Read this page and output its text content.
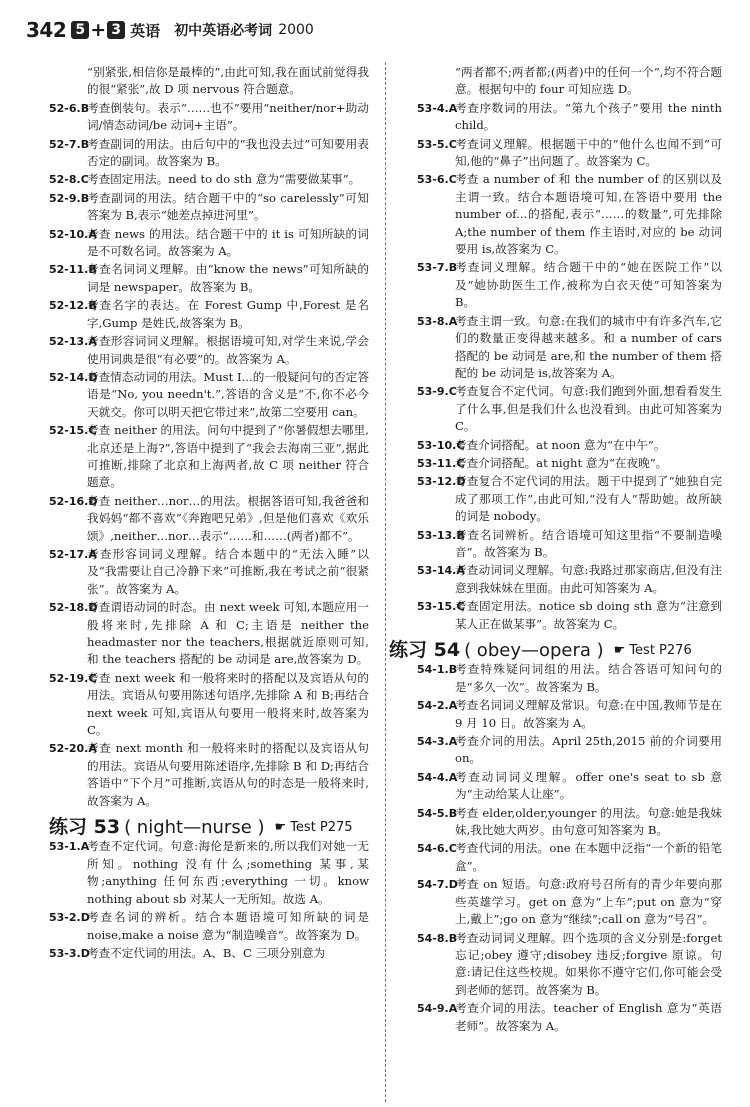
342 5 + 3 英语 初中英语必考词 2000
“别紧张,相信你是最棒的”,由此可知,我在面试前觉得我的很“紧张”,故 D 项 nervous 符合题意。
52-6.B
考查倒装句。表示“……也不”要用“neither/nor+助动词/情态动词/be 动词+主语”。
52-7.B
考查副词的用法。由后句中的“我也没去过”可知要用表否定的副词。故答案为 B。
52-8.C
考查固定用法。need to do sth 意为“需要做某事”。
52-9.B
考查副词的用法。结合题干中的“so carelessly”可知答案为 B,表示“她差点掉进河里”。
52-10.A
考查 news 的用法。结合题干中的 it is 可知所缺的词是不可数名词。故答案为 A。
52-11.B
考查名词词义理解。由“know the news”可知所缺的词是 newspaper。故答案为 B。
52-12.B
考查名字的表达。在 Forest Gump 中,Forest 是名字,Gump 是姓氏,故答案为 B。
52-13.A
考查形容词词义理解。根据语境可知,对学生来说,学会使用词典是很“有必要”的。故答案为 A。
52-14.D
考查情态动词的用法。Must I...的一般疑问句的否定答语是“No, you needn't.”,答语的含义是“不,你不必今天就交。你可以明天把它带过来”,故第二空要用 can。
52-15.C
考查 neither 的用法。问句中提到了“你暑假想去哪里,北京还是上海?”,答语中提到了“我会去海南三亚”,据此可推断,排除了北京和上海两者,故 C 项 neither 符合题意。
52-16.D
考查 neither…nor…的用法。根据答语可知,我爸爸和我妈妈“都不喜欢”《奔跑吧兄弟》,但是他们喜欢《欢乐颂》,neither…nor…表示“……和……(两者)都不”。
52-17.A
考查形容词词义理解。结合本题中的“无法入睡”以及“我需要让自己冷静下来”可推断,我在考试之前“很紧张”。故答案为 A。
52-18.D
考查谓语动词的时态。由 next week 可知,本题应用一般将来时,先排除 A 和 C;主语是 neither the headmaster nor the teachers,根据就近原则可知,和 the teachers 搭配的 be 动词是 are,故答案为 D。
52-19.C
考查 next week 和一般将来时的搭配以及宾语从句的用法。宾语从句要用陈述句语序,先排除 A 和 B;再结合 next week 可知,宾语从句要用一般将来时,故答案为 C。
52-20.A
考查 next month 和一般将来时的搭配以及宾语从句的用法。宾语从句要用陈述语序,先排除 B 和 D;再结合答语中“下个月”可推断,宾语从句的时态是一般将来时,故答案为 A。
练习 53 ( night—nurse ) ☛ Test P275
53-1.A
考查不定代词。句意:海伦是新来的,所以我们对她一无所知。nothing 没有什么;something 某事,某物;anything 任何东西;everything 一切。know nothing about sb 对某人一无所知。故选 A。
53-2.D
考查名词的辨析。结合本题语境可知所缺的词是 noise,make a noise 意为“制造噪音”。故答案为 D。
53-3.D
考查不定代词的用法。A、B、C 三项分别意为
“两者都不;两者都;(两者)中的任何一个”,均不符合题意。根据句中的 four 可知应选 D。
53-4.A
考查序数词的用法。“第九个孩子”要用 the ninth child。
53-5.C
考查词义理解。根据题干中的“他什么也闻不到”可知,他的“鼻子”出问题了。故答案为 C。
53-6.C
考查 a number of 和 the number of 的区别以及主谓一致。结合本题语境可知,在答语中要用 the number of...的搭配,表示“……的数量”,可先排除 A;the number of them 作主语时,对应的 be 动词要用 is,故答案为 C。
53-7.B
考查词义理解。结合题干中的“她在医院工作”以及“她协助医生工作,被称为白衣天使”可知答案为 B。
53-8.A
考查主谓一致。句意:在我们的城市中有许多汽车,它们的数量正变得越来越多。和 a number of cars 搭配的 be 动词是 are,和 the number of them 搭配的 be 动词是 is,故答案为 A。
53-9.C
考查复合不定代词。句意:我们跑到外面,想看看发生了什么事,但是我们什么也没看到。由此可知答案为 C。
53-10.C
考查介词搭配。at noon 意为“在中午”。
53-11.C
考查介词搭配。at night 意为“在夜晚”。
53-12.D
考查复合不定代词的用法。题干中提到了“她独自完成了那项工作”,由此可知,“没有人”帮助她。故所缺的词是 nobody。
53-13.B
考查名词辨析。结合语境可知这里指“不要制造噪音”。故答案为 B。
53-14.A
考查动词词义理解。句意:我路过那家商店,但没有注意到我妹妹在里面。由此可知答案为 A。
53-15.C
考查固定用法。notice sb doing sth 意为“注意到某人正在做某事”。故答案为 C。
练习 54 ( obey—opera ) ☛ Test P276
54-1.B
考查特殊疑问词组的用法。结合答语可知问句的是“多久一次”。故答案为 B。
54-2.A
考查名词词义理解及常识。句意:在中国,教师节是在 9 月 10 日。故答案为 A。
54-3.A
考查介词的用法。April 25th,2015 前的介词要用 on。
54-4.A
考查动词词义理解。offer one's seat to sb 意为“主动给某人让座”。
54-5.B
考查 elder,older,younger 的用法。句意:她是我妹妹,我比她大两岁。由句意可知答案为 B。
54-6.C
考查代词的用法。one 在本题中泛指“一个新的铅笔盒”。
54-7.D
考查 on 短语。句意:政府号召所有的青少年要向那些英雄学习。get on 意为“上车”;put on 意为“穿上,戴上”;go on 意为“继续”;call on 意为“号召”。
54-8.B
考查动词词义理解。四个选项的含义分别是:forget 忘记;obey 遵守;disobey 违反;forgive 原谅。句意:请记住这些校规。如果你不遵守它们,你可能会受到老师的惩罚。故答案为 B。
54-9.A
考查介词的用法。teacher of English 意为“英语老师”。故答案为 A。
